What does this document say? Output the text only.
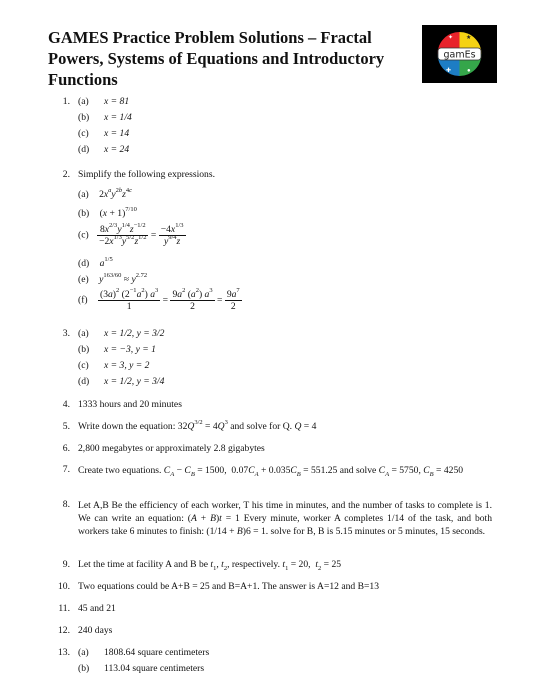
GAMES Practice Problem Solutions – Fractal Powers, Systems of Equations and Introductory Functions
✦ ★
✚	●
gamEs
1. (a) x = 81
(b) x = 1/4
(c) x = 14
(d) x = 24
2. Simplify the following expressions.
(a) $2x^ay^{2b}z^{4c}$
(b) $(x + 1)^{7/10}$
$(c) \frac{8x^{2/3}y^{1/4}z^{-1/2}}{-2x^{1/3}y^{5/2}z^{1/2}} = \frac{-4x^{1/3}}{y^{9/4}z}$
(d) $a^{1/5}$
(e) $y^{163/60} \approx y^{2.72}$
$(f) \frac{(3a)^2 (2^{-1}a^2) a^3}{1} = \frac{9a^2 (a^2) a^3}{2} = \frac{9a^7}{2}$
3. (a) x = 1/2, y = 3/2
(b) x = −3, y = 1
(c) x = 3, y = 2
(d) x = 1/2, y = 3/4
4. 1333 hours and 20 minutes
5. Write down the equation: $32Q^{3/2} = 4Q^3$ and solve for Q. Q = 4
6. 2,800 megabytes or approximately 2.8 gigabytes
7. Create two equations. $C_A - C_B = 1500$,  $0.07C_A + 0.035C_B = 551.25$ and solve $C_A = 5750$, $C_B = 4250$
8. Let A,B Be the efficiency of each worker, T his time in minutes, and the number of tasks to complete is 1. We can write an equation: (A + B)t = 1 Every minute, worker A completes 1/14 of the task, and both workers take 6 minutes to finish: (1/14 + B)6 = 1. solve for B, B is 5.15 minutes or 5 minutes, 15 seconds.
9. Let the time at facility A and B be $t_1$, $t_2$, respectively. $t_1 = 20$,  $t_2 = 25$
10. Two equations could be A+B = 25 and B=A+1. The answer is A=12 and B=13
11. 45 and 21
12. 240 days
13. (a) 1808.64 square centimeters
(b) 113.04 square centimeters
